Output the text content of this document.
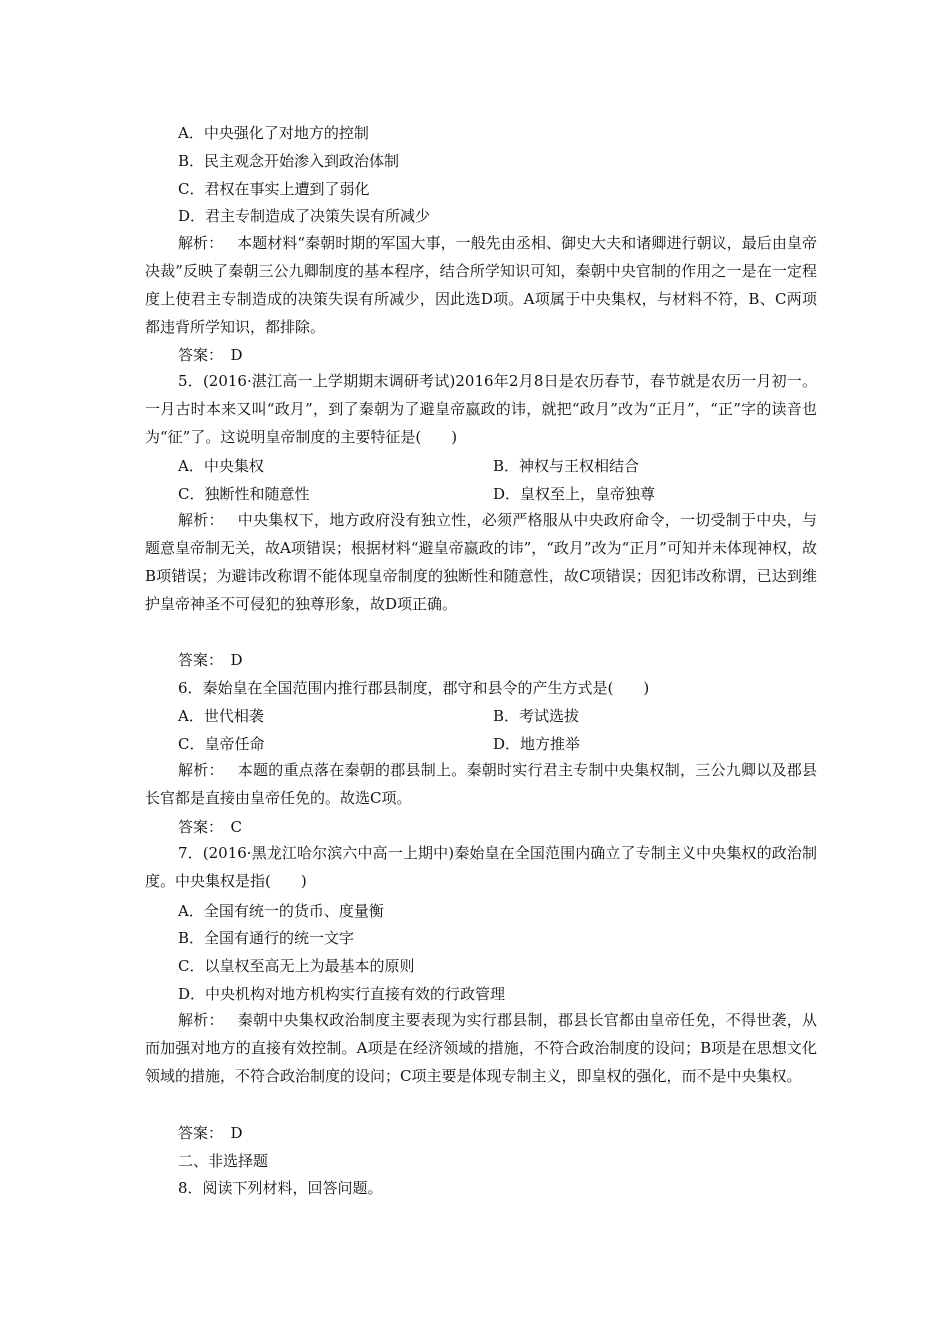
A．中央强化了对地方的控制
B．民主观念开始渗入到政治体制
C．君权在事实上遭到了弱化
D．君主专制造成了决策失误有所减少
解析： 本题材料“秦朝时期的军国大事，一般先由丞相、御史大夫和诸卿进行朝议，最后由皇帝决裁”反映了秦朝三公九卿制度的基本程序，结合所学知识可知，秦朝中央官制的作用之一是在一定程度上使君主专制造成的决策失误有所减少，因此选D项。A项属于中央集权，与材料不符，B、C两项都违背所学知识，都排除。
答案：　D
5．(2016·湛江高一上学期期末调研考试)2016年2月8日是农历春节，春节就是农历一月初一。一月古时本来又叫“政月”，到了秦朝为了避皇帝嬴政的讳，就把“政月”改为“正月”，“正”字的读音也为“征”了。这说明皇帝制度的主要特征是(　　)
A．中央集权	B．神权与王权相结合
C．独断性和随意性	D．皇权至上，皇帝独尊
解析： 中央集权下，地方政府没有独立性，必须严格服从中央政府命令，一切受制于中央，与题意皇帝制无关，故A项错误；根据材料“避皇帝嬴政的讳”，“政月”改为“正月”可知并未体现神权，故B项错误；为避讳改称谓不能体现皇帝制度的独断性和随意性，故C项错误；因犯讳改称谓，已达到维护皇帝神圣不可侵犯的独尊形象，故D项正确。
答案：　D
6．秦始皇在全国范围内推行郡县制度，郡守和县令的产生方式是(　　)
A．世代相袭	B．考试选拔
C．皇帝任命	D．地方推举
解析： 本题的重点落在秦朝的郡县制上。秦朝时实行君主专制中央集权制，三公九卿以及郡县长官都是直接由皇帝任免的。故选C项。
答案：　C
7．(2016·黑龙江哈尔滨六中高一上期中)秦始皇在全国范围内确立了专制主义中央集权的政治制度。中央集权是指(　　)
A．全国有统一的货币、度量衡
B．全国有通行的统一文字
C．以皇权至高无上为最基本的原则
D．中央机构对地方机构实行直接有效的行政管理
解析： 秦朝中央集权政治制度主要表现为实行郡县制，郡县长官都由皇帝任免，不得世袭，从而加强对地方的直接有效控制。A项是在经济领域的措施，不符合政治制度的设问；B项是在思想文化领域的措施，不符合政治制度的设问；C项主要是体现专制主义，即皇权的强化，而不是中央集权。
答案：　D
二、非选择题
8．阅读下列材料，回答问题。
